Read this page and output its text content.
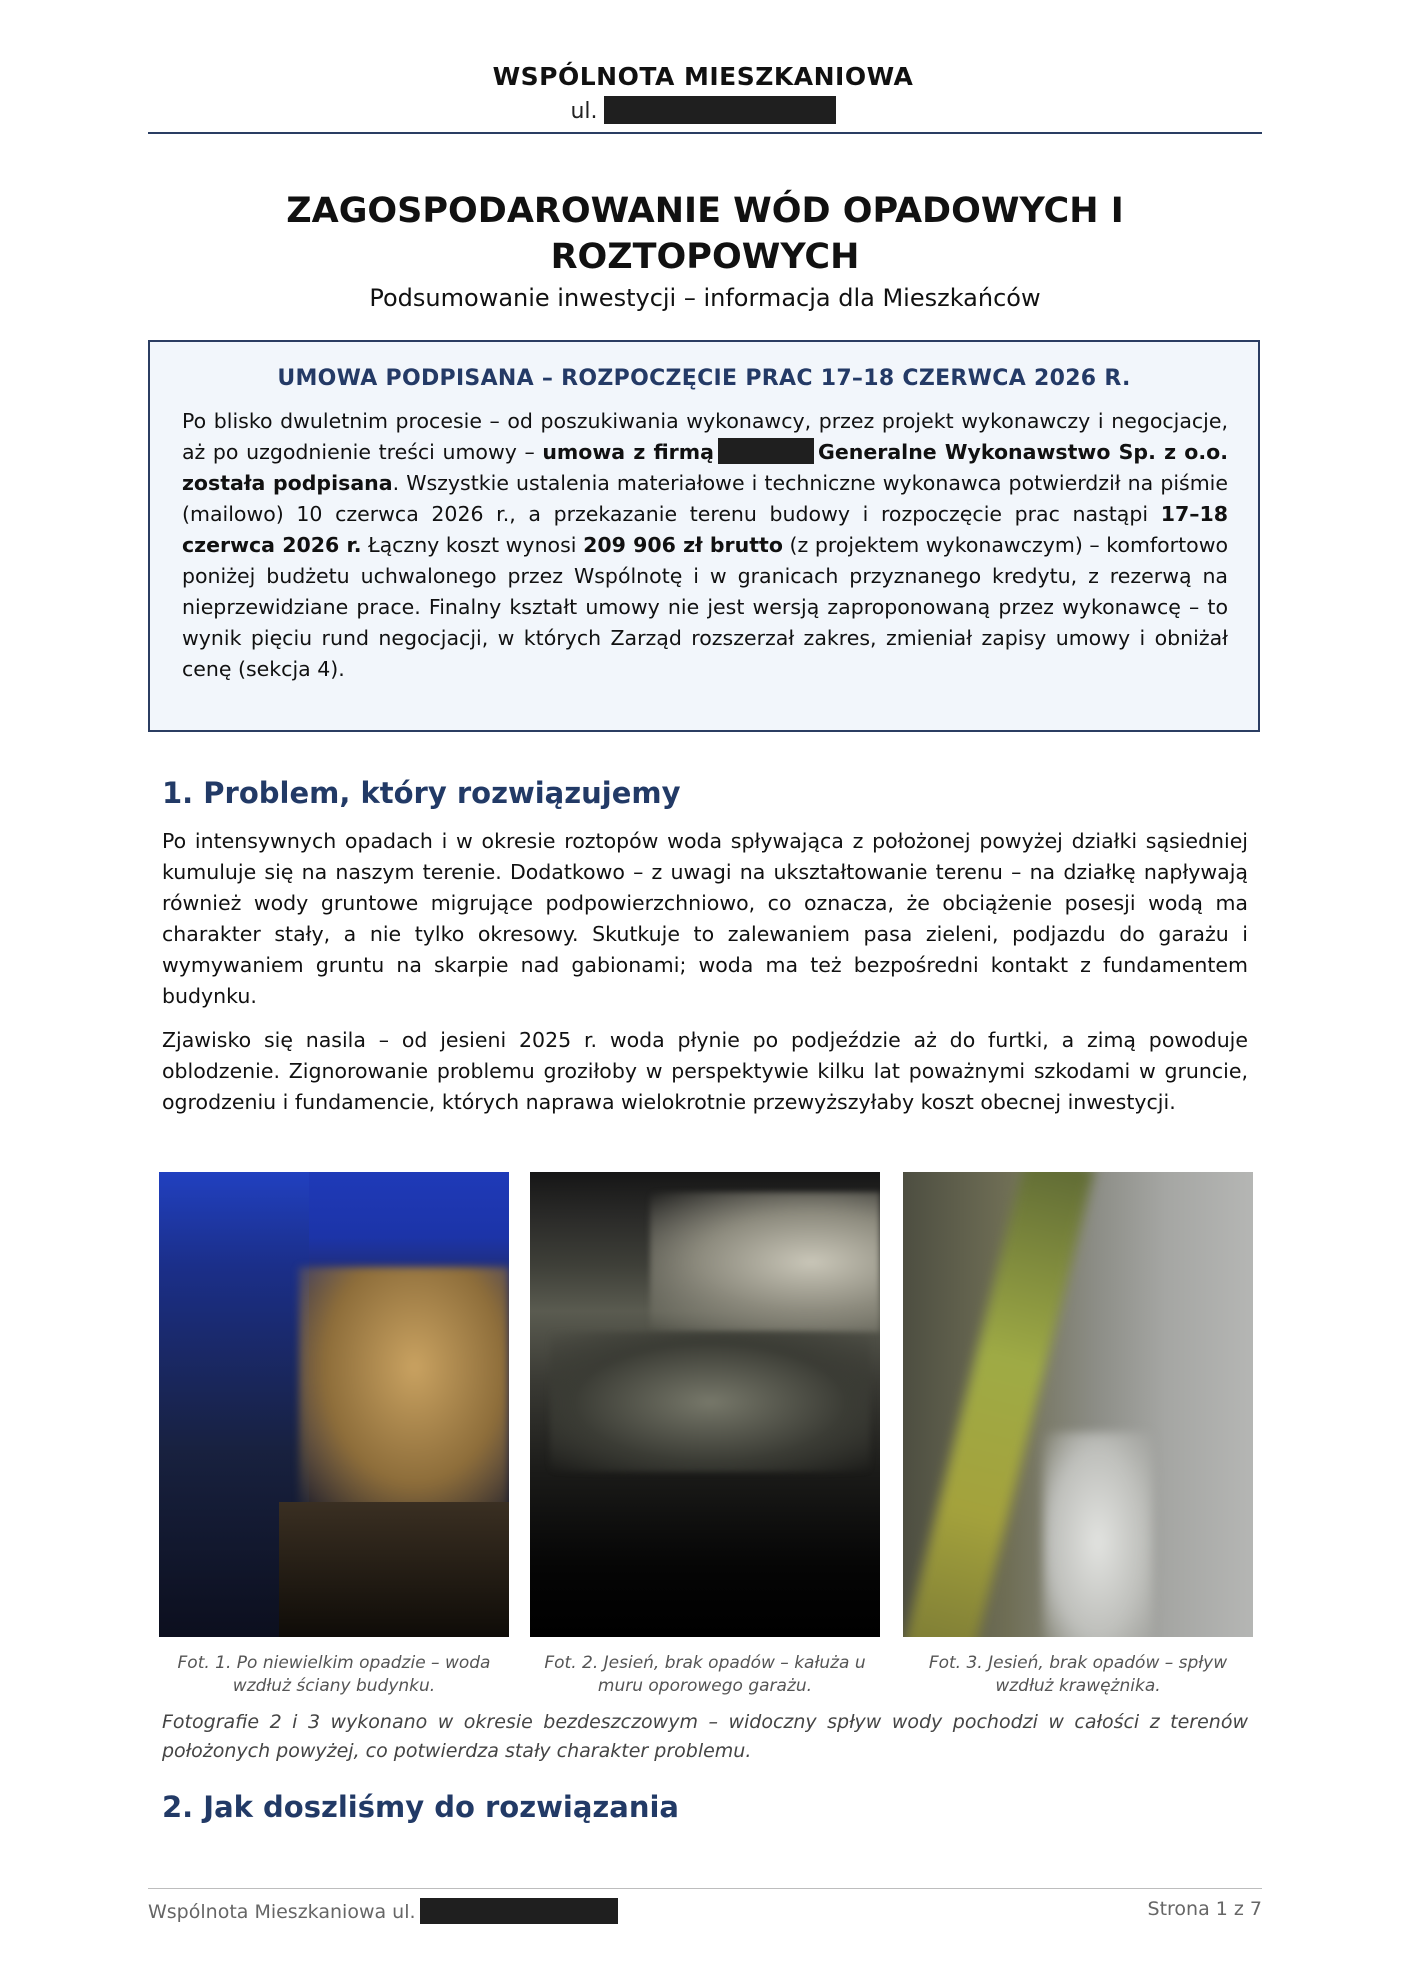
WSPÓLNOTA MIESZKANIOWA
ul.
ZAGOSPODAROWANIE WÓD OPADOWYCH I ROZTOPOWYCH
Podsumowanie inwestycji – informacja dla Mieszkańców
UMOWA PODPISANA – ROZPOCZĘCIE PRAC 17–18 CZERWCA 2026 R.
Po blisko dwuletnim procesie – od poszukiwania wykonawcy, przez projekt wykonawczy i negocjacje, aż po uzgodnienie treści umowy – umowa z firmą	Generalne Wykonawstwo Sp. z o.o. została podpisana. Wszystkie ustalenia materiałowe i techniczne wykonawca potwierdził na piśmie (mailowo) 10 czerwca 2026 r., a przekazanie terenu budowy i rozpoczęcie prac nastąpi 17–18 czerwca 2026 r. Łączny koszt wynosi 209 906 zł brutto (z projektem wykonawczym) – komfortowo poniżej budżetu uchwalonego przez Wspólnotę i w granicach przyznanego kredytu, z rezerwą na nieprzewidziane prace. Finalny kształt umowy nie jest wersją zaproponowaną przez wykonawcę – to wynik pięciu rund negocjacji, w których Zarząd rozszerzał zakres, zmieniał zapisy umowy i obniżał cenę (sekcja 4).
1. Problem, który rozwiązujemy
Po intensywnych opadach i w okresie roztopów woda spływająca z położonej powyżej działki sąsiedniej kumuluje się na naszym terenie. Dodatkowo – z uwagi na ukształtowanie terenu – na działkę napływają również wody gruntowe migrujące podpowierzchniowo, co oznacza, że obciążenie posesji wodą ma charakter stały, a nie tylko okresowy. Skutkuje to zalewaniem pasa zieleni, podjazdu do garażu i wymywaniem gruntu na skarpie nad gabionami; woda ma też bezpośredni kontakt z fundamentem budynku.
Zjawisko się nasila – od jesieni 2025 r. woda płynie po podjeździe aż do furtki, a zimą powoduje oblodzenie. Zignorowanie problemu groziłoby w perspektywie kilku lat poważnymi szkodami w gruncie, ogrodzeniu i fundamencie, których naprawa wielokrotnie przewyższyłaby koszt obecnej inwestycji.
Fot. 1. Po niewielkim opadzie – woda wzdłuż ściany budynku.
Fot. 2. Jesień, brak opadów – kałuża u muru oporowego garażu.
Fot. 3. Jesień, brak opadów – spływ wzdłuż krawężnika.
Fotografie 2 i 3 wykonano w okresie bezdeszczowym – widoczny spływ wody pochodzi w całości z terenów położonych powyżej, co potwierdza stały charakter problemu.
2. Jak doszliśmy do rozwiązania
Wspólnota Mieszkaniowa ul.	Strona 1 z 7
